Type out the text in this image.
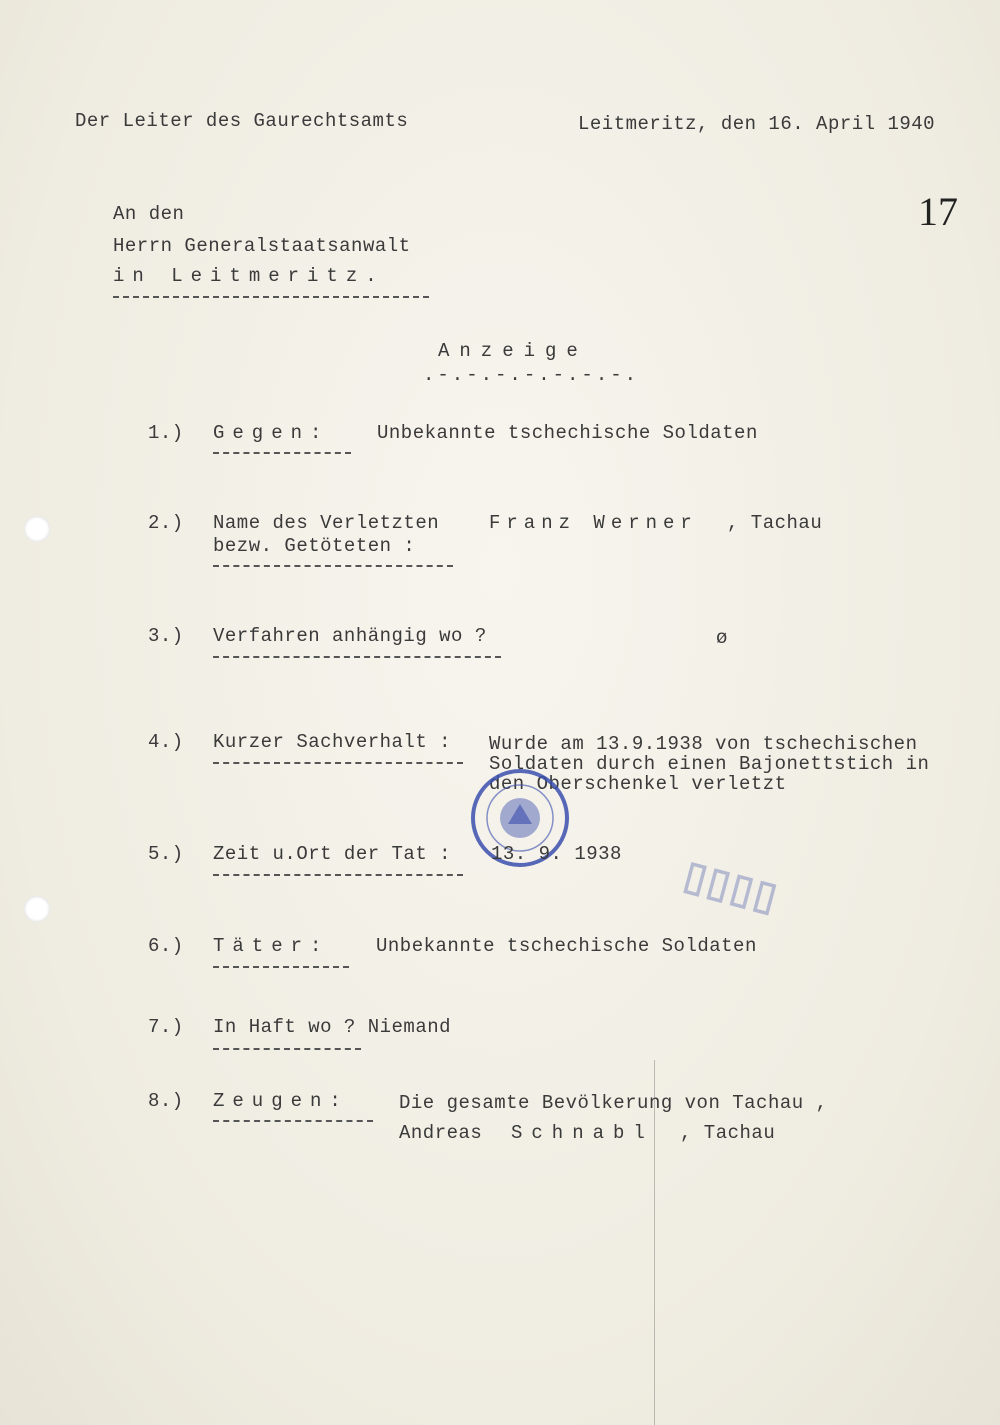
Der Leiter des Gaurechtsamts	Leitmeritz, den 16. April 1940
17
An den
Herrn Generalstaatsanwalt
in Leitmeritz.
Anzeige
.-.-.-.-.-.-.-.
1.) Gegen:	Unbekannte tschechische Soldaten
2.) Name des Verletzten
bezw. Getöteten :
Franz Werner , Tachau
3.) Verfahren anhängig wo ?	ø
4.) Kurzer Sachverhalt : Wurde am 13.9.1938 von tschechischen
Soldaten durch einen Bajonettstich in
den Oberschenkel verletzt
▯▯▯▯
5.) Zeit u.Ort der Tat : 13. 9. 1938
6.) Täter: Unbekannte tschechische Soldaten
7.) In Haft wo ? Niemand
8.) Zeugen:	Die gesamte Bevölkerung von Tachau ,
Andreas Schnabl , Tachau
